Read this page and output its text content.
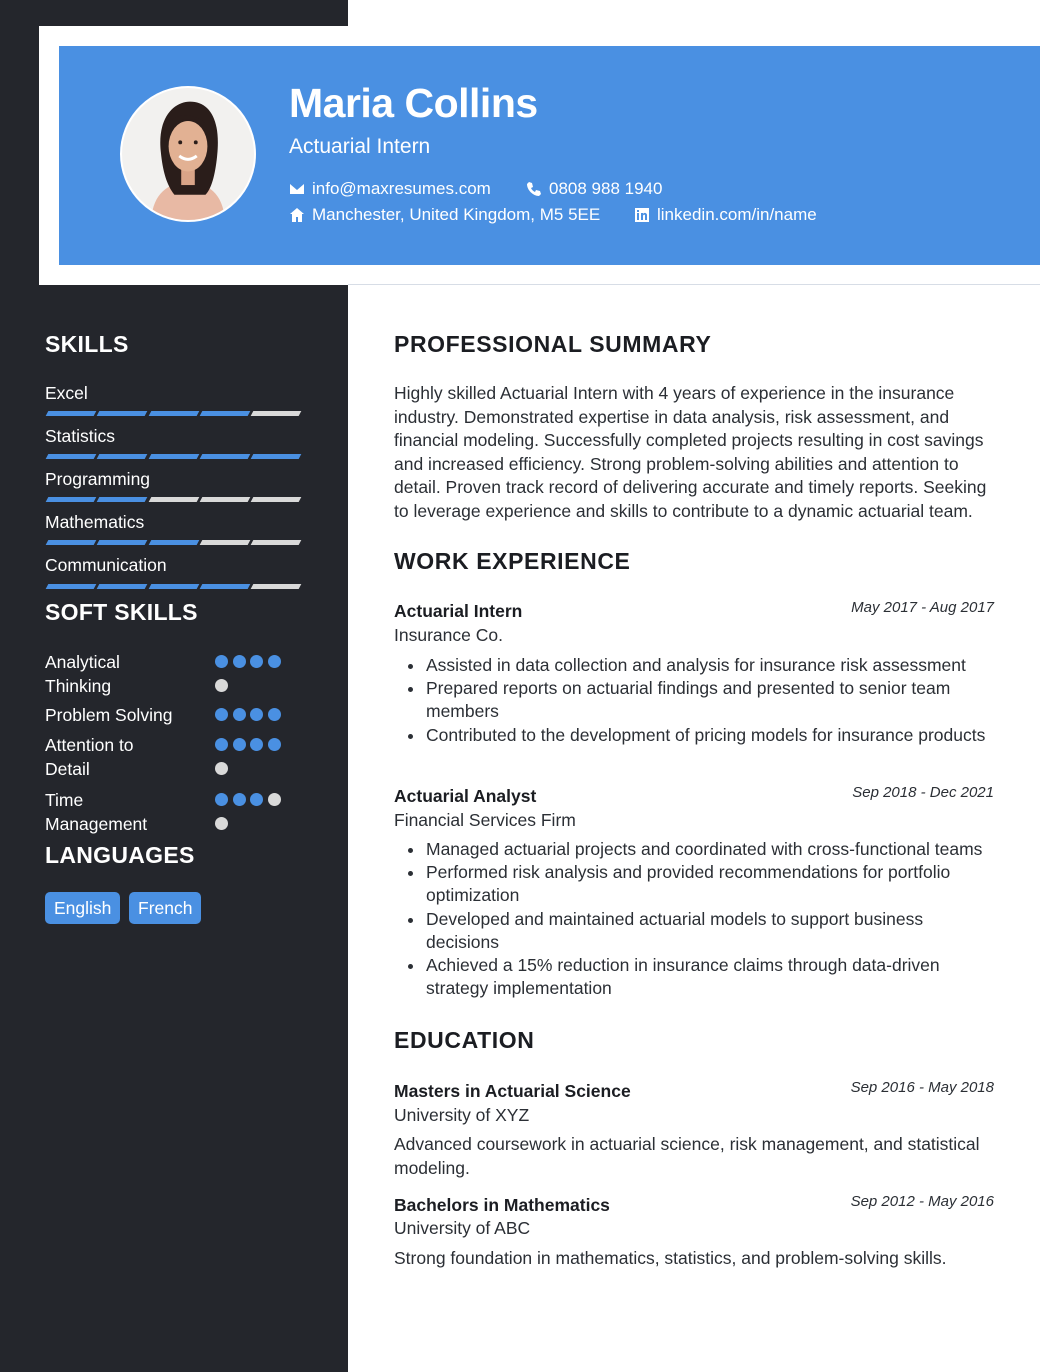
Maria Collins
Actuarial Intern
info@maxresumes.com	0808 988 1940
Manchester, United Kingdom, M5 5EE	linkedin.com/in/name
SKILLS
Excel
Statistics
Programming
Mathematics
Communication
SOFT SKILLS
Analytical Thinking
Problem Solving
Attention to Detail
Time Management
LANGUAGES
English	French
PROFESSIONAL SUMMARY
Highly skilled Actuarial Intern with 4 years of experience in the insurance industry. Demonstrated expertise in data analysis, risk assessment, and financial modeling. Successfully completed projects resulting in cost savings and increased efficiency. Strong problem-solving abilities and attention to detail. Proven track record of delivering accurate and timely reports. Seeking to leverage experience and skills to contribute to a dynamic actuarial team.
WORK EXPERIENCE
Actuarial Intern	May 2017 - Aug 2017
Insurance Co.
Assisted in data collection and analysis for insurance risk assessment
Prepared reports on actuarial findings and presented to senior team members
Contributed to the development of pricing models for insurance products
Actuarial Analyst	Sep 2018 - Dec 2021
Financial Services Firm
Managed actuarial projects and coordinated with cross-functional teams
Performed risk analysis and provided recommendations for portfolio optimization
Developed and maintained actuarial models to support business decisions
Achieved a 15% reduction in insurance claims through data-driven strategy implementation
EDUCATION
Masters in Actuarial Science	Sep 2016 - May 2018
University of XYZ
Advanced coursework in actuarial science, risk management, and statistical modeling.
Bachelors in Mathematics	Sep 2012 - May 2016
University of ABC
Strong foundation in mathematics, statistics, and problem-solving skills.
